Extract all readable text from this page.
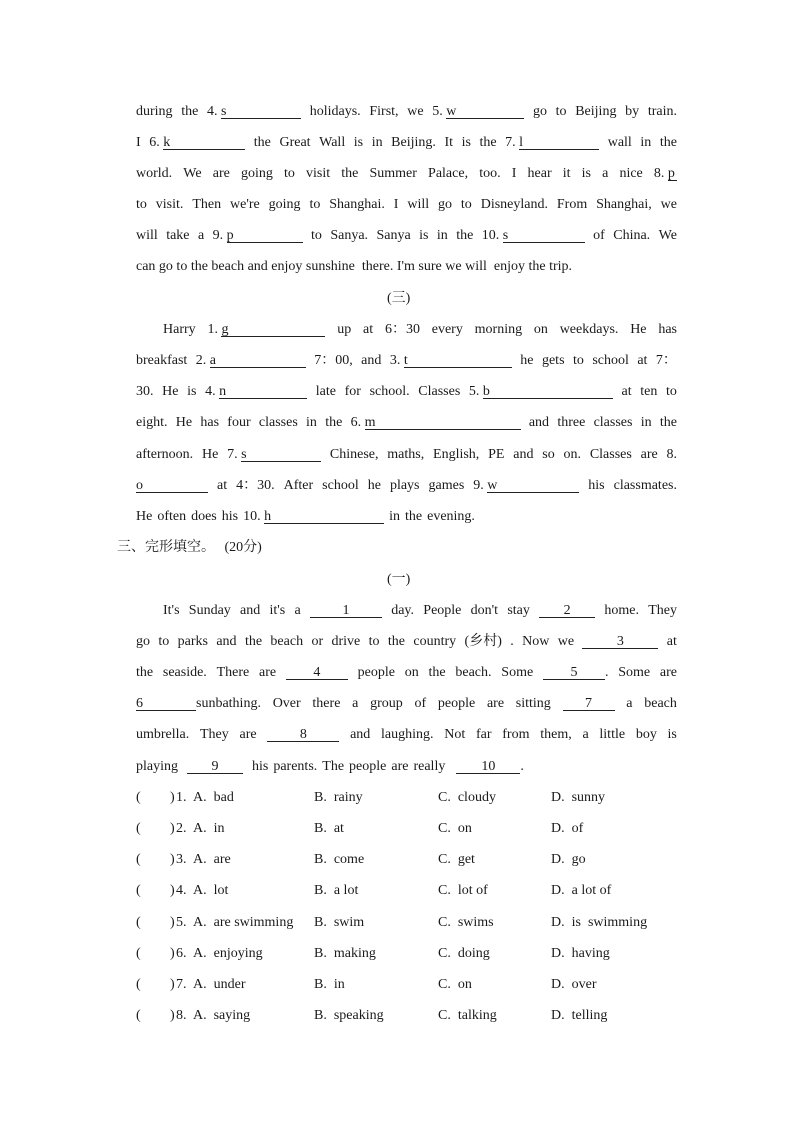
during the 4. s	holidays. First, we 5. w	go to Beijing by train.
I 6. k	the Great Wall is in Beijing. It is the 7. l	wall in the
world. We are going to visit the Summer Palace, too. I hear it is a nice 8. p
to visit. Then we're going to Shanghai. I will go to Disneyland. From Shanghai, we
will take a 9. p	to Sanya. Sanya is in the 10. s	of China. We
can go to the beach and enjoy sunshine  there. I'm sure we will  enjoy the trip.
(三)
Harry 1. g	up at 6：30 every morning on weekdays. He has
breakfast 2. a	7：00, and 3. t	he gets to school at 7：
30. He is 4. n	late for school. Classes 5. b	at ten to
eight. He has four classes in the 6. m	and three classes in the
afternoon. He 7. s	Chinese, maths, English, PE and so on. Classes are 8.
o	at 4：30. After school he plays games 9. w	his classmates.
He often does his 10. h	in the evening.
三、完形填空。 (20分)
(一)
It's Sunday and it's a	1	day. People don't stay	2	home. They
go to parks and the beach or drive to the country (乡村) . Now we	3	at
the seaside. There are	4	people on the beach. Some	5 . Some are
6	sunbathing. Over there a group of people are sitting	7	a beach
umbrella. They are	8	and laughing. Not far from them, a little boy is
playing	9	his parents. The people are really	10 .
( ) 1. A.  bad	B.  rainy	C.  cloudy	D.  sunny
( ) 2. A.  in	B.  at	C.  on	D.  of
( ) 3. A.  are	B.  come	C.  get	D.  go
( ) 4. A.  lot	B.  a lot	C.  lot of	D.  a lot of
( ) 5. A.  are swimming B.  swim	C.  swims	D.  is  swimming
( ) 6. A.  enjoying	B.  making	C.  doing	D.  having
( ) 7. A.  under	B.  in	C.  on	D.  over
( ) 8. A.  saying	B.  speaking	C.  talking	D.  telling
